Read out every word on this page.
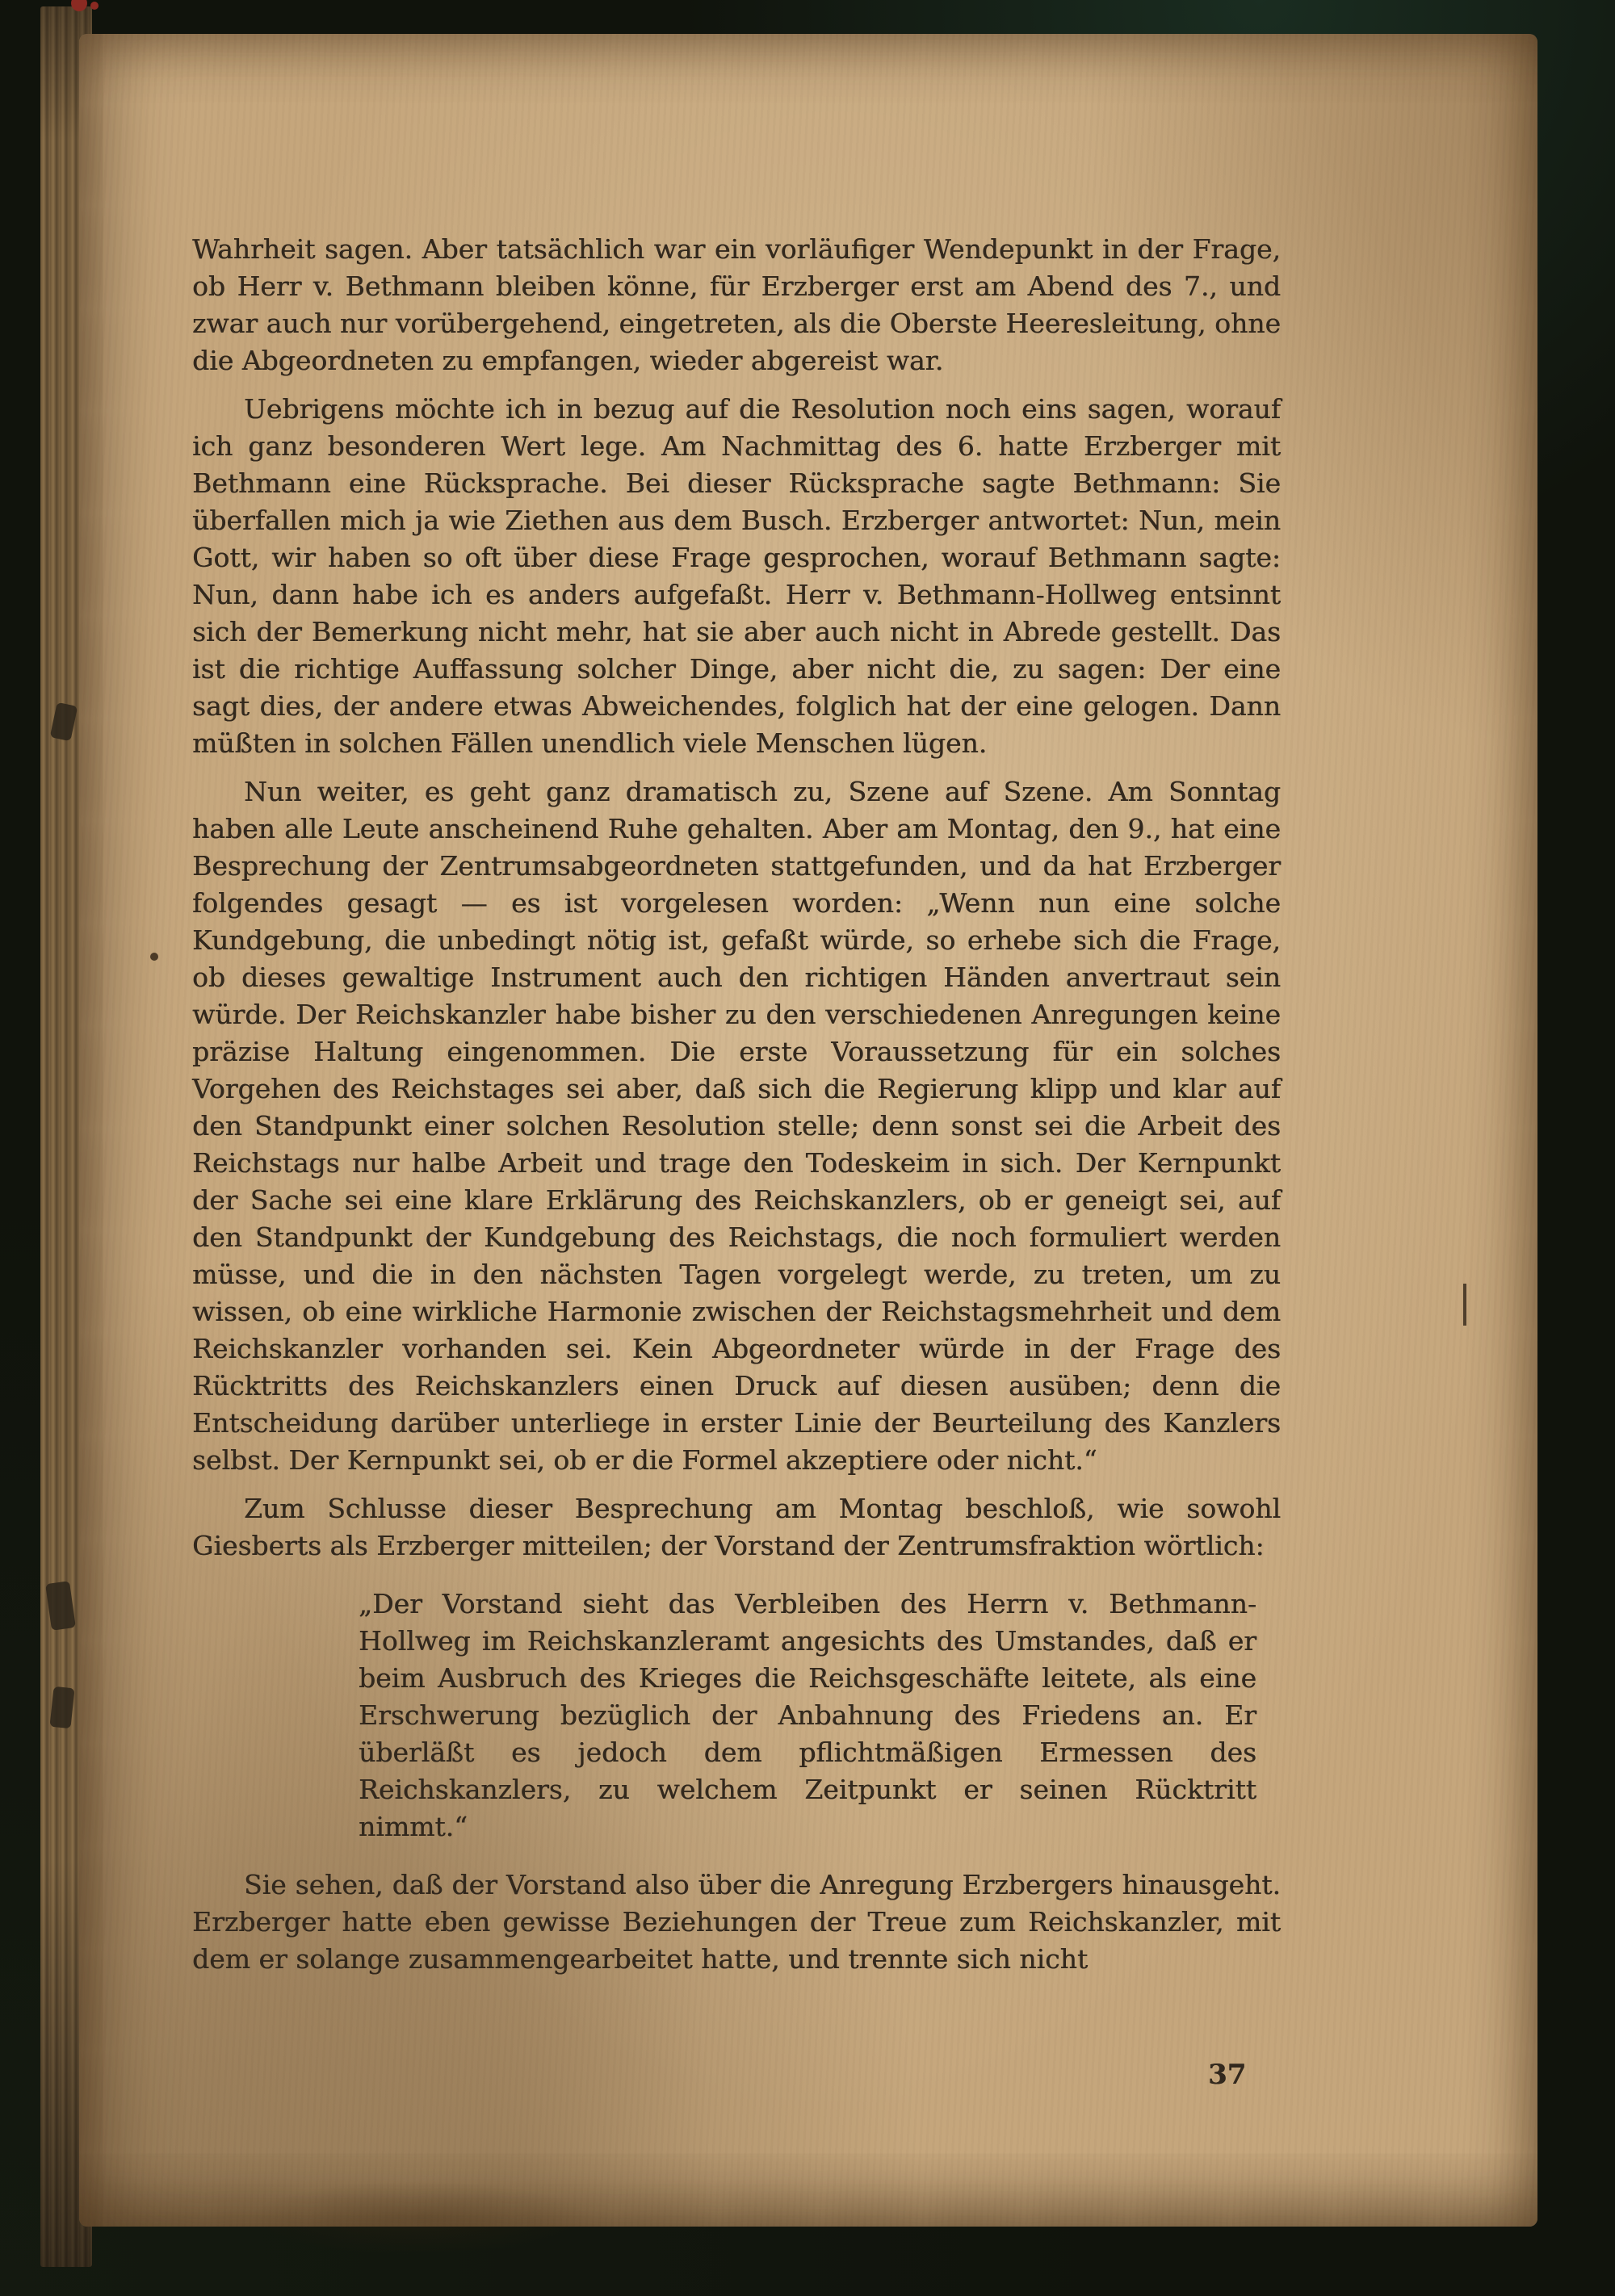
Wahrheit sagen. Aber tatsächlich war ein vorläufiger Wendepunkt in der Frage, ob Herr v. Bethmann bleiben könne, für Erzberger erst am Abend des 7., und zwar auch nur vorübergehend, eingetreten, als die Oberste Heeresleitung, ohne die Abgeordneten zu empfangen, wieder abgereist war.

Uebrigens möchte ich in bezug auf die Resolution noch eins sagen, worauf ich ganz besonderen Wert lege. Am Nachmittag des 6. hatte Erzberger mit Bethmann eine Rücksprache. Bei dieser Rücksprache sagte Bethmann: Sie überfallen mich ja wie Ziethen aus dem Busch. Erzberger antwortet: Nun, mein Gott, wir haben so oft über diese Frage gesprochen, worauf Bethmann sagte: Nun, dann habe ich es anders aufgefaßt. Herr v. Bethmann-Hollweg entsinnt sich der Bemerkung nicht mehr, hat sie aber auch nicht in Abrede gestellt. Das ist die richtige Auffassung solcher Dinge, aber nicht die, zu sagen: Der eine sagt dies, der andere etwas Abweichendes, folglich hat der eine gelogen. Dann müßten in solchen Fällen unendlich viele Menschen lügen.

Nun weiter, es geht ganz dramatisch zu, Szene auf Szene. Am Sonntag haben alle Leute anscheinend Ruhe gehalten. Aber am Montag, den 9., hat eine Besprechung der Zentrumsabgeordneten stattgefunden, und da hat Erzberger folgendes gesagt — es ist vorgelesen worden: „Wenn nun eine solche Kundgebung, die unbedingt nötig ist, gefaßt würde, so erhebe sich die Frage, ob dieses gewaltige Instrument auch den richtigen Händen anvertraut sein würde. Der Reichskanzler habe bisher zu den verschiedenen Anregungen keine präzise Haltung eingenommen. Die erste Voraussetzung für ein solches Vorgehen des Reichstages sei aber, daß sich die Regierung klipp und klar auf den Standpunkt einer solchen Resolution stelle; denn sonst sei die Arbeit des Reichstags nur halbe Arbeit und trage den Todeskeim in sich. Der Kernpunkt der Sache sei eine klare Erklärung des Reichskanzlers, ob er geneigt sei, auf den Standpunkt der Kundgebung des Reichstags, die noch formuliert werden müsse, und die in den nächsten Tagen vorgelegt werde, zu treten, um zu wissen, ob eine wirkliche Harmonie zwischen der Reichstagsmehrheit und dem Reichskanzler vorhanden sei. Kein Abgeordneter würde in der Frage des Rücktritts des Reichskanzlers einen Druck auf diesen ausüben; denn die Entscheidung darüber unterliege in erster Linie der Beurteilung des Kanzlers selbst. Der Kernpunkt sei, ob er die Formel akzeptiere oder nicht.“

Zum Schlusse dieser Besprechung am Montag beschloß, wie sowohl Giesberts als Erzberger mitteilen; der Vorstand der Zentrumsfraktion wörtlich:

„Der Vorstand sieht das Verbleiben des Herrn v. Bethmann-Hollweg im Reichskanzleramt angesichts des Umstandes, daß er beim Ausbruch des Krieges die Reichsgeschäfte leitete, als eine Erschwerung bezüglich der Anbahnung des Friedens an. Er überläßt es jedoch dem pflichtmäßigen Ermessen des Reichskanzlers, zu welchem Zeitpunkt er seinen Rücktritt nimmt.“

Sie sehen, daß der Vorstand also über die Anregung Erzbergers hinausgeht. Erzberger hatte eben gewisse Beziehungen der Treue zum Reichskanzler, mit dem er solange zusammengearbeitet hatte, und trennte sich nicht

37
